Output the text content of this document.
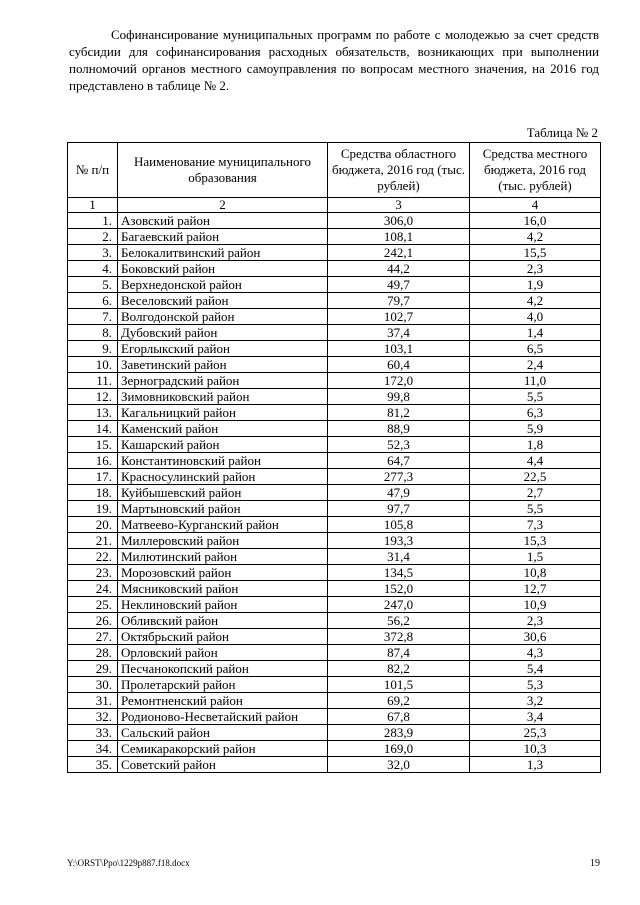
Софинансирование муниципальных программ по работе с молодежью за счет средств субсидии для софинансирования расходных обязательств, возникающих при выполнении полномочий органов местного самоуправления по вопросам местного значения, на 2016 год представлено в таблице № 2.

Таблица № 2
№ п/п	Наименование муниципального образования	Средства областного бюджета, 2016 год (тыс. рублей)	Средства местного бюджета, 2016 год (тыс. рублей)
1	2	3	4
1.	Азовский район	306,0	16,0
2.	Багаевский район	108,1	4,2
3.	Белокалитвинский район	242,1	15,5
4.	Боковский район	44,2	2,3
5.	Верхнедонской район	49,7	1,9
6.	Веселовский район	79,7	4,2
7.	Волгодонской район	102,7	4,0
8.	Дубовский район	37,4	1,4
9.	Егорлыкский район	103,1	6,5
10.	Заветинский район	60,4	2,4
11.	Зерноградский район	172,0	11,0
12.	Зимовниковский район	99,8	5,5
13.	Кагальницкий район	81,2	6,3
14.	Каменский район	88,9	5,9
15.	Кашарский район	52,3	1,8
16.	Константиновский район	64,7	4,4
17.	Красносулинский район	277,3	22,5
18.	Куйбышевский район	47,9	2,7
19.	Мартыновский район	97,7	5,5
20.	Матвеево-Курганский район	105,8	7,3
21.	Миллеровский район	193,3	15,3
22.	Милютинский район	31,4	1,5
23.	Морозовский район	134,5	10,8
24.	Мясниковский район	152,0	12,7
25.	Неклиновский район	247,0	10,9
26.	Обливский район	56,2	2,3
27.	Октябрьский район	372,8	30,6
28.	Орловский район	87,4	4,3
29.	Песчанокопский район	82,2	5,4
30.	Пролетарский район	101,5	5,3
31.	Ремонтненский район	69,2	3,2
32.	Родионово-Несветайский район	67,8	3,4
33.	Сальский район	283,9	25,3
34.	Семикаракорский район	169,0	10,3
35.	Советский район	32,0	1,3
Y:\ORST\Ppo\1229p887.f18.docx	19
